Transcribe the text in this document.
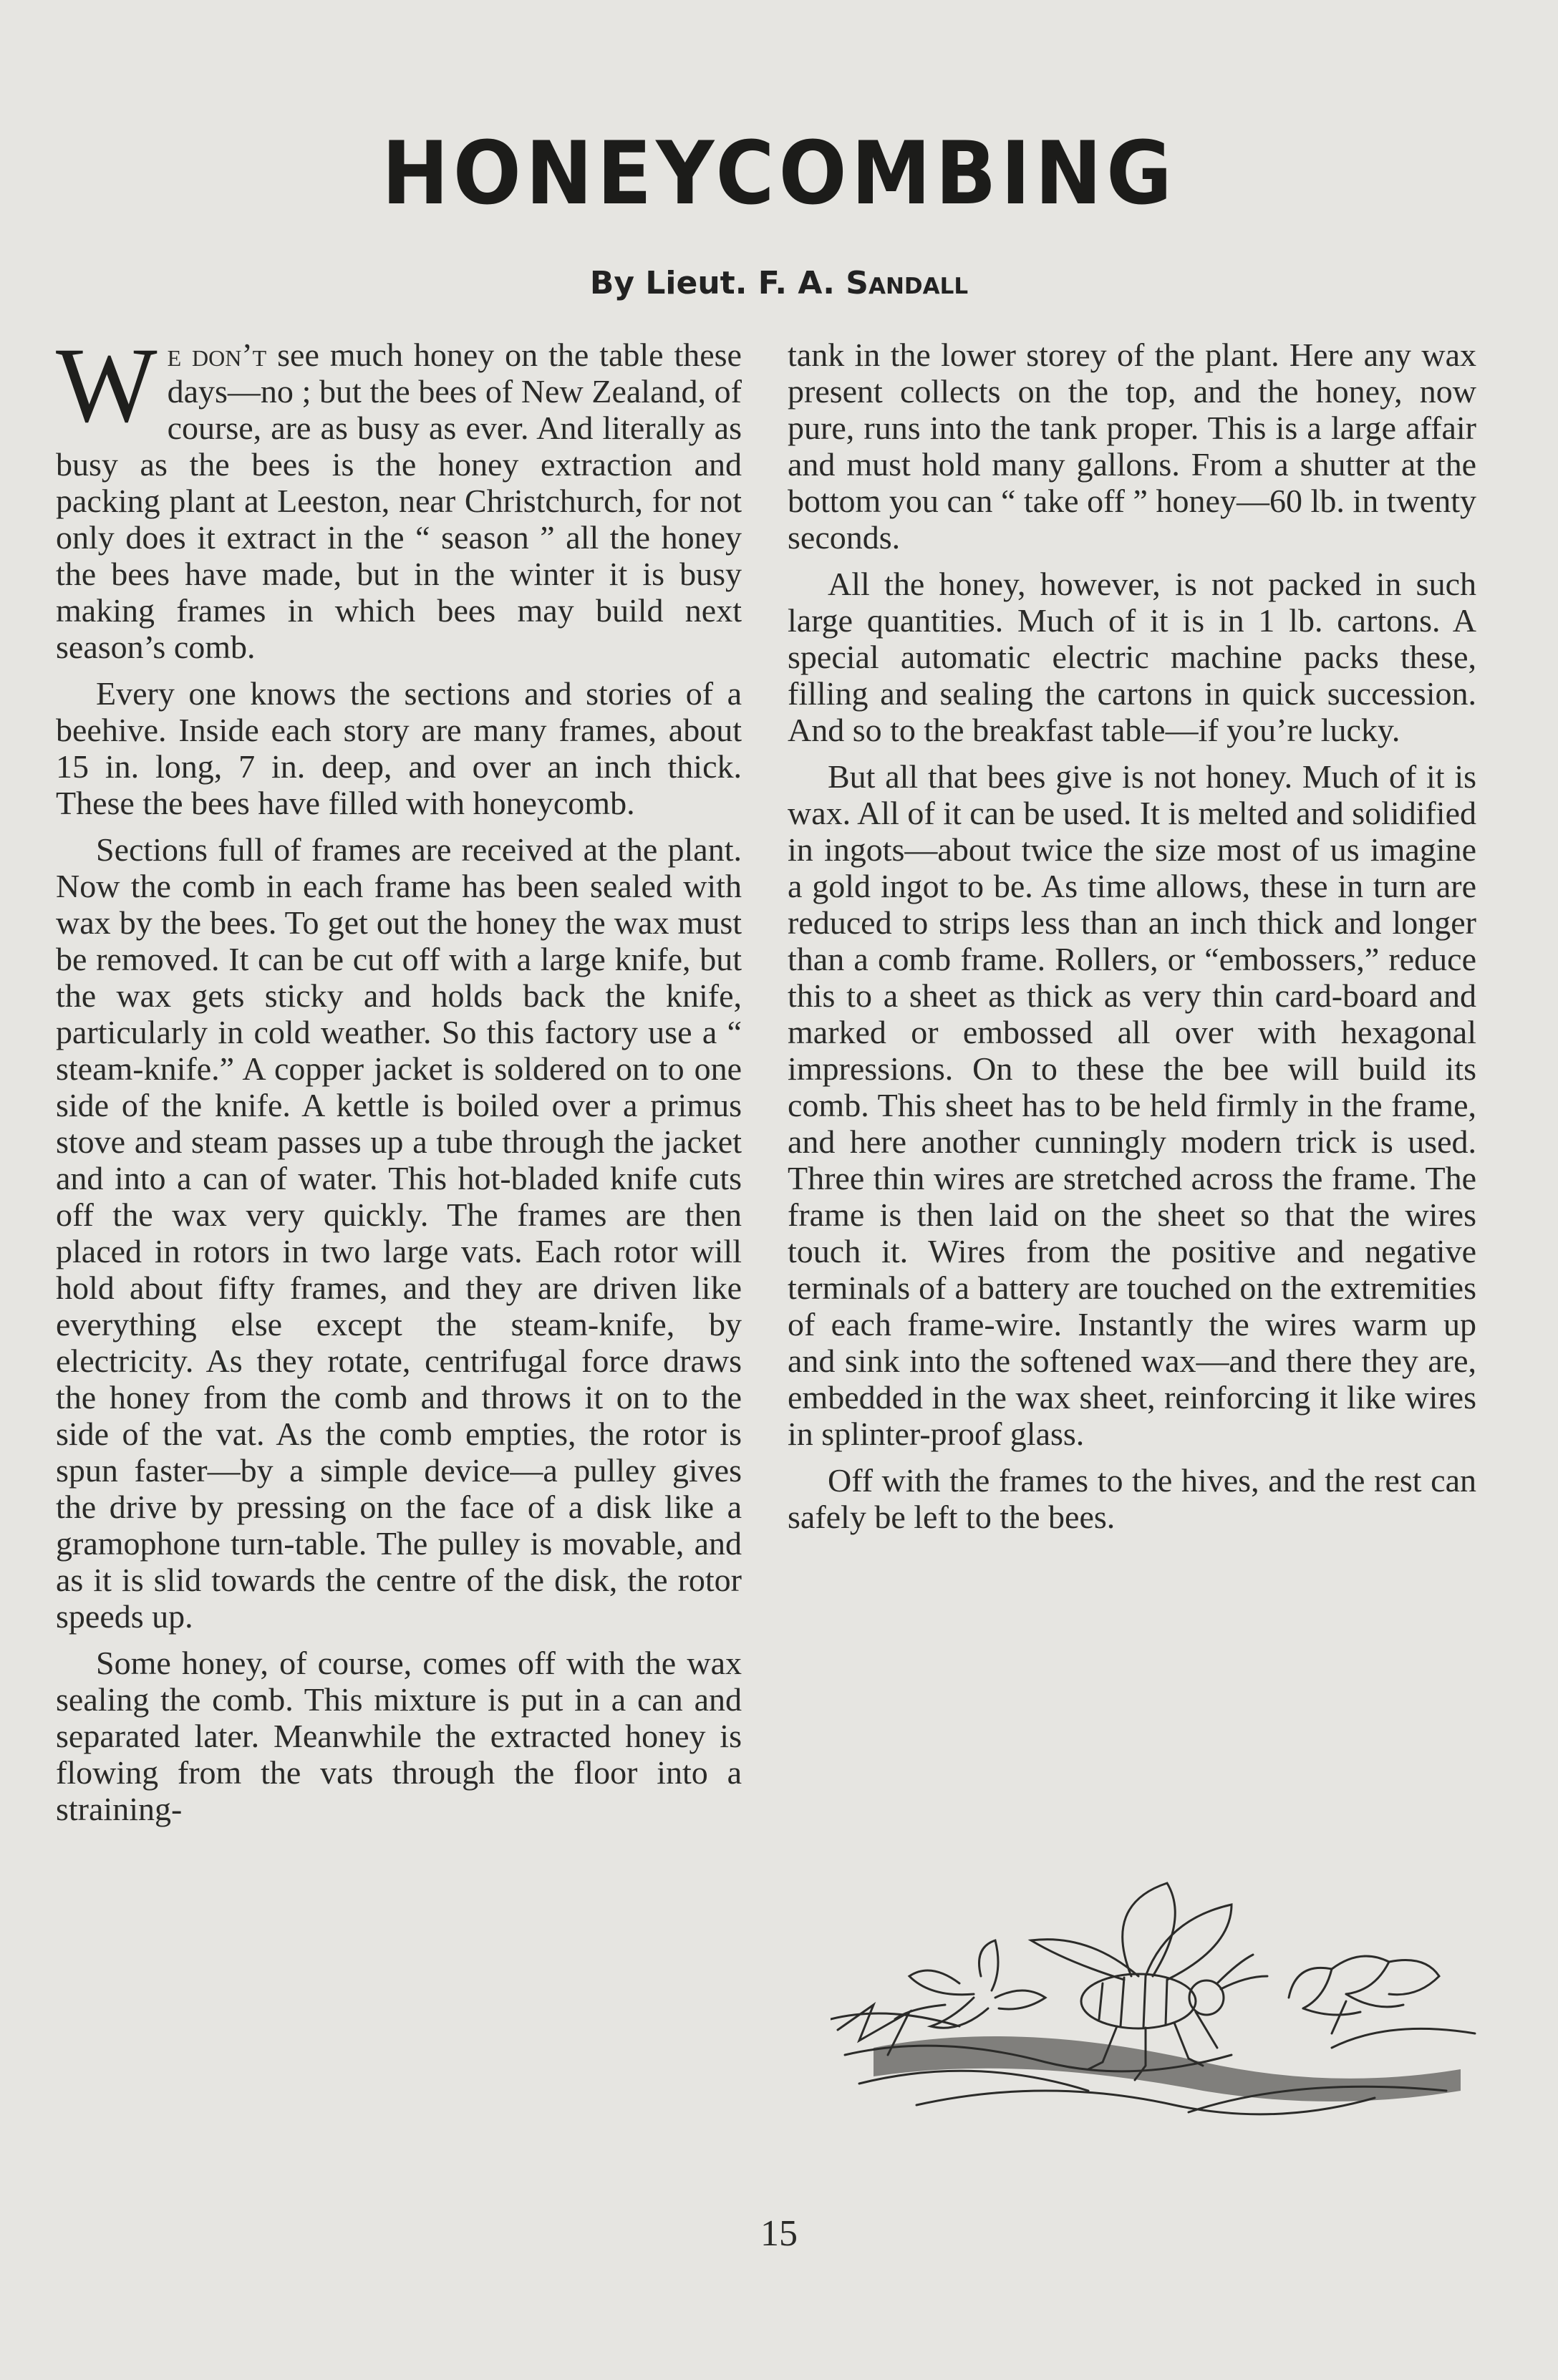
HONEYCOMBING
By Lieut. F. A. Sandall

We don’t see much honey on the table these days—no ; but the bees of New Zealand, of course, are as busy as ever. And literally as busy as the bees is the honey extraction and packing plant at Leeston, near Christchurch, for not only does it extract in the “ season ” all the honey the bees have made, but in the winter it is busy making frames in which bees may build next season’s comb.

Every one knows the sections and stories of a beehive. Inside each story are many frames, about 15 in. long, 7 in. deep, and over an inch thick. These the bees have filled with honeycomb.

Sections full of frames are received at the plant. Now the comb in each frame has been sealed with wax by the bees. To get out the honey the wax must be removed. It can be cut off with a large knife, but the wax gets sticky and holds back the knife, particularly in cold weather. So this factory use a “ steam-knife.” A copper jacket is soldered on to one side of the knife. A kettle is boiled over a primus stove and steam passes up a tube through the jacket and into a can of water. This hot-bladed knife cuts off the wax very quickly. The frames are then placed in rotors in two large vats. Each rotor will hold about fifty frames, and they are driven like everything else except the steam-knife, by electricity. As they rotate, centrifugal force draws the honey from the comb and throws it on to the side of the vat. As the comb empties, the rotor is spun faster—by a simple device—a pulley gives the drive by pressing on the face of a disk like a gramophone turn-table. The pulley is movable, and as it is slid towards the centre of the disk, the rotor speeds up.

Some honey, of course, comes off with the wax sealing the comb. This mixture is put in a can and separated later. Meanwhile the extracted honey is flowing from the vats through the floor into a straining-

tank in the lower storey of the plant. Here any wax present collects on the top, and the honey, now pure, runs into the tank proper. This is a large affair and must hold many gallons. From a shutter at the bottom you can “ take off ” honey—60 lb. in twenty seconds.

All the honey, however, is not packed in such large quantities. Much of it is in 1 lb. cartons. A special automatic electric machine packs these, filling and sealing the cartons in quick succession. And so to the breakfast table—if you’re lucky.

But all that bees give is not honey. Much of it is wax. All of it can be used. It is melted and solidified in ingots—about twice the size most of us imagine a gold ingot to be. As time allows, these in turn are reduced to strips less than an inch thick and longer than a comb frame. Rollers, or “embossers,” reduce this to a sheet as thick as very thin card-board and marked or embossed all over with hexagonal impressions. On to these the bee will build its comb. This sheet has to be held firmly in the frame, and here another cunningly modern trick is used. Three thin wires are stretched across the frame. The frame is then laid on the sheet so that the wires touch it. Wires from the positive and negative terminals of a battery are touched on the extremities of each frame-wire. Instantly the wires warm up and sink into the softened wax—and there they are, embedded in the wax sheet, reinforcing it like wires in splinter-proof glass.

Off with the frames to the hives, and the rest can safely be left to the bees.

15
